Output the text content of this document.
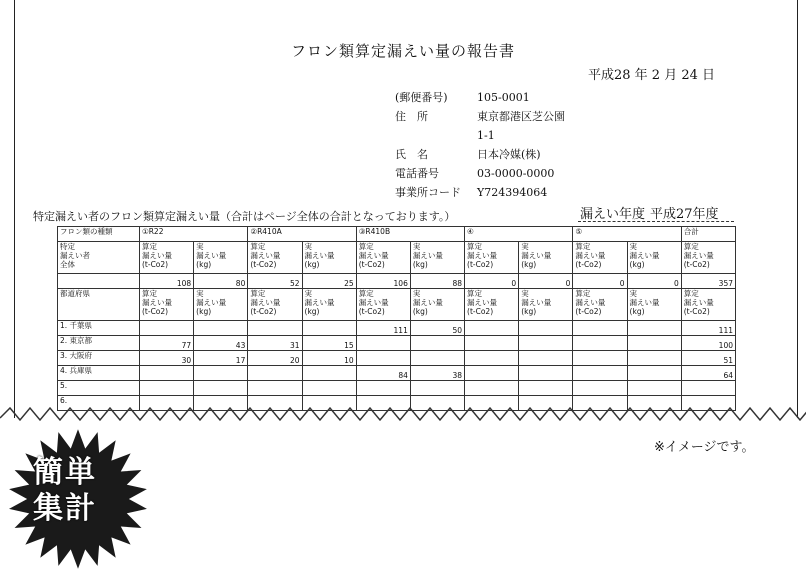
フロン類算定漏えい量の報告書
平成28 年 2 月 24 日
(郵便番号)	105-0001
住　所	東京都港区芝公園
1-1
氏　名	日本冷媒(株)
電話番号	03-0000-0000
事業所コード	Y724394064
特定漏えい者のフロン類算定漏えい量（合計はページ全体の合計となっております。）	漏えい年度 平成27年度
フロン類の種類	①R22		②R410A		③R410B		④		⑤		合計

特定
漏えい者
全体	算定
漏えい量
(t-Co2)	実
漏えい量
(kg)	算定
漏えい量
(t-Co2)	実
漏えい量
(kg)	算定
漏えい量
(t-Co2)	実
漏えい量
(kg)	算定
漏えい量
(t-Co2)	実
漏えい量
(kg)	算定
漏えい量
(t-Co2)	実
漏えい量
(kg)	算定
漏えい量
(t-Co2)

	108	80	52	25	106	88	0	0	0	0	357
都道府県	算定
漏えい量
(t-Co2)	実
漏えい量
(kg)	算定
漏えい量
(t-Co2)	実
漏えい量
(kg)	算定
漏えい量
(t-Co2)	実
漏えい量
(kg)	算定
漏えい量
(t-Co2)	実
漏えい量
(kg)	算定
漏えい量
(t-Co2)	実
漏えい量
(kg)	算定
漏えい量
(t-Co2)

1. 千葉県					111	50					111
2. 東京都	77	43	31	15							100
3. 大阪府	30	17	20	10							51
4. 兵庫県					84	38					64
5.											
6.											
※イメージです。
簡単
集計
